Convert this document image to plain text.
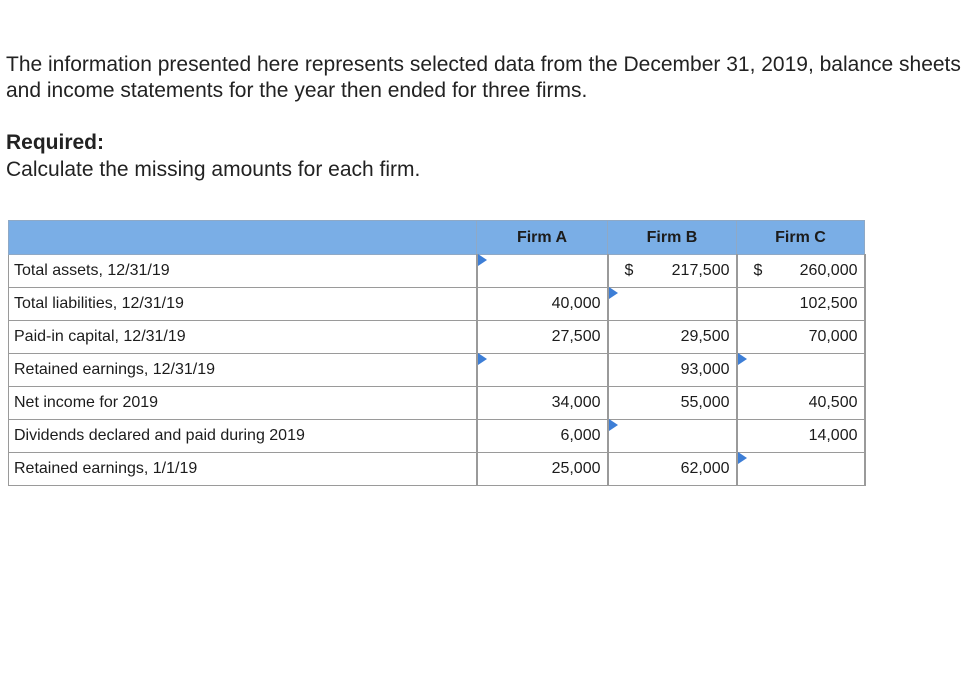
The information presented here represents selected data from the December 31, 2019, balance sheets and income statements for the year then ended for three firms.
Required:
Calculate the missing amounts for each firm.
	Firm A	Firm B	Firm C
Total assets, 12/31/19		$ 217,500	$ 260,000
Total liabilities, 12/31/19	40,000		102,500
Paid-in capital, 12/31/19	27,500	29,500	70,000
Retained earnings, 12/31/19		93,000	
Net income for 2019	34,000	55,000	40,500
Dividends declared and paid during 2019	6,000		14,000
Retained earnings, 1/1/19	25,000	62,000	
